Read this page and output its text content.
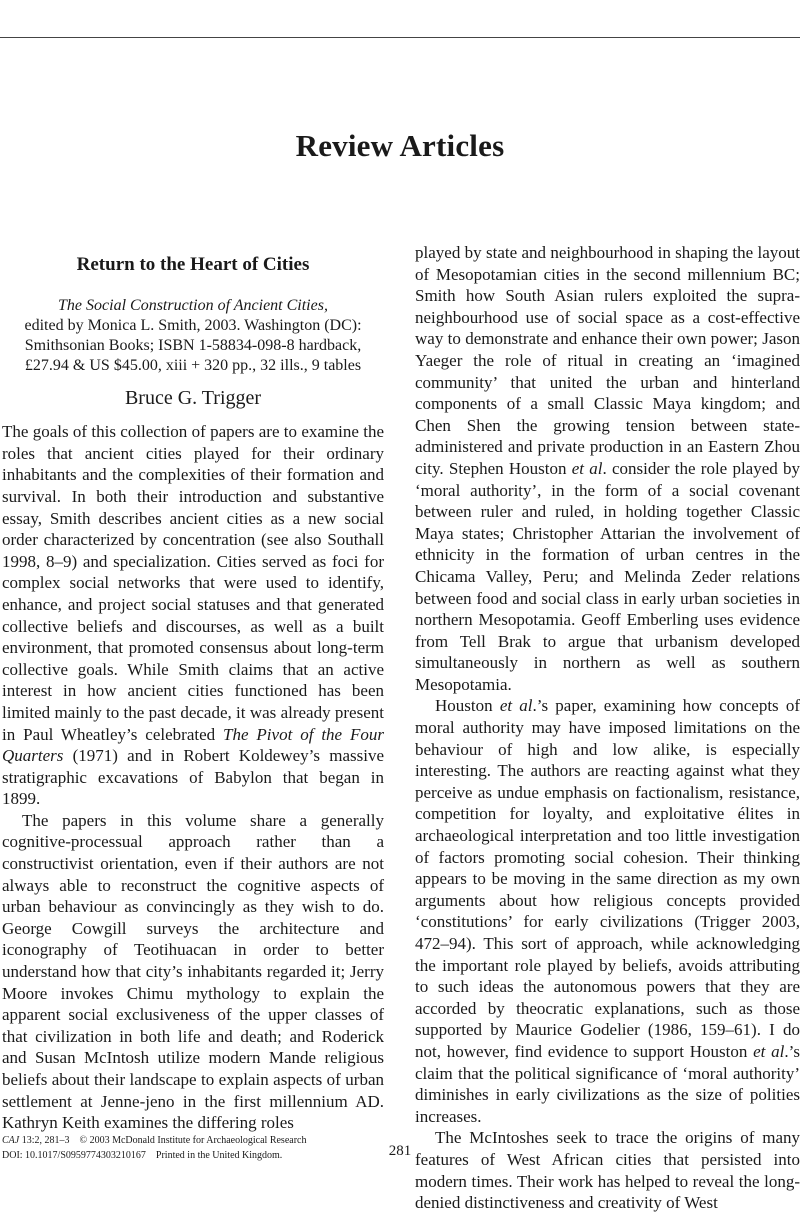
Review Articles
Return to the Heart of Cities
The Social Construction of Ancient Cities,
edited by Monica L. Smith, 2003. Washington (DC): Smithsonian Books; ISBN 1-58834-098-8 hardback, £27.94 & US $45.00, xiii + 320 pp., 32 ills., 9 tables
Bruce G. Trigger

The goals of this collection of papers are to examine the roles that ancient cities played for their ordinary inhabitants and the complexities of their formation and survival. In both their introduction and substantive essay, Smith describes ancient cities as a new social order characterized by concentration (see also Southall 1998, 8–9) and specialization. Cities served as foci for complex social networks that were used to identify, enhance, and project social statuses and that generated collective beliefs and discourses, as well as a built environment, that promoted consensus about long-term collective goals. While Smith claims that an active interest in how ancient cities functioned has been limited mainly to the past decade, it was already present in Paul Wheatley’s celebrated The Pivot of the Four Quarters (1971) and in Robert Koldewey’s massive stratigraphic excavations of Babylon that began in 1899.

The papers in this volume share a generally cognitive-processual approach rather than a constructivist orientation, even if their authors are not always able to reconstruct the cognitive aspects of urban behaviour as convincingly as they wish to do. George Cowgill surveys the architecture and iconography of Teotihuacan in order to better understand how that city’s inhabitants regarded it; Jerry Moore invokes Chimu mythology to explain the apparent social exclusiveness of the upper classes of that civilization in both life and death; and Roderick and Susan McIntosh utilize modern Mande religious beliefs about their landscape to explain aspects of urban settlement at Jenne-jeno in the first millennium AD. Kathryn Keith examines the differing roles

played by state and neighbourhood in shaping the layout of Mesopotamian cities in the second millennium BC; Smith how South Asian rulers exploited the supra-neighbourhood use of social space as a cost-effective way to demonstrate and enhance their own power; Jason Yaeger the role of ritual in creating an ‘imagined community’ that united the urban and hinterland components of a small Classic Maya kingdom; and Chen Shen the growing tension between state-administered and private production in an Eastern Zhou city. Stephen Houston et al. consider the role played by ‘moral authority’, in the form of a social covenant between ruler and ruled, in holding together Classic Maya states; Christopher Attarian the involvement of ethnicity in the formation of urban centres in the Chicama Valley, Peru; and Melinda Zeder relations between food and social class in early urban societies in northern Mesopotamia. Geoff Emberling uses evidence from Tell Brak to argue that urbanism developed simultaneously in northern as well as southern Mesopotamia.

Houston et al.’s paper, examining how concepts of moral authority may have imposed limitations on the behaviour of high and low alike, is especially interesting. The authors are reacting against what they perceive as undue emphasis on factionalism, resistance, competition for loyalty, and exploitative élites in archaeological interpretation and too little investigation of factors promoting social cohesion. Their thinking appears to be moving in the same direction as my own arguments about how religious concepts provided ‘constitutions’ for early civilizations (Trigger 2003, 472–94). This sort of approach, while acknowledging the important role played by beliefs, avoids attributing to such ideas the autonomous powers that they are accorded by theocratic explanations, such as those supported by Maurice Godelier (1986, 159–61). I do not, however, find evidence to support Houston et al.’s claim that the political significance of ‘moral authority’ diminishes in early civilizations as the size of polities increases.

The McIntoshes seek to trace the origins of many features of West African cities that persisted into modern times. Their work has helped to reveal the long-denied distinctiveness and creativity of West

CAJ 13:2, 281–3 © 2003 McDonald Institute for Archaeological Research
DOI: 10.1017/S0959774303210167 Printed in the United Kingdom.	281
